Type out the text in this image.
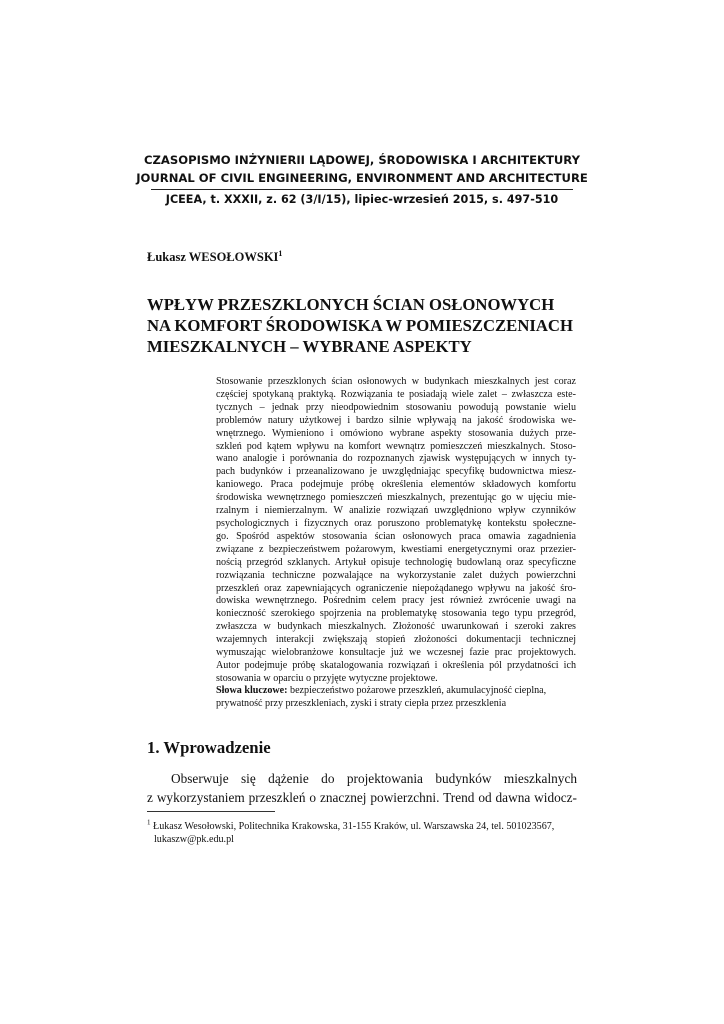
CZASOPISMO INŻYNIERII LĄDOWEJ, ŚRODOWISKA I ARCHITEKTURY
JOURNAL OF CIVIL ENGINEERING, ENVIRONMENT AND ARCHITECTURE
JCEEA, t. XXXII, z. 62 (3/I/15), lipiec-wrzesień 2015, s. 497-510
Łukasz WESOŁOWSKI$^1$
WPŁYW PRZESZKLONYCH ŚCIAN OSŁONOWYCH
NA KOMFORT ŚRODOWISKA W POMIESZCZENIACH
MIESZKALNYCH – WYBRANE ASPEKTY
Stosowanie przeszklonych ścian osłonowych w budynkach mieszkalnych jest coraz
częściej spotykaną praktyką. Rozwiązania te posiadają wiele zalet – zwłaszcza este-
tycznych – jednak przy nieodpowiednim stosowaniu powodują powstanie wielu
problemów natury użytkowej i bardzo silnie wpływają na jakość środowiska we-
wnętrznego. Wymieniono i omówiono wybrane aspekty stosowania dużych prze-
szkleń pod kątem wpływu na komfort wewnątrz pomieszczeń mieszkalnych. Stoso-
wano analogie i porównania do rozpoznanych zjawisk występujących w innych ty-
pach budynków i przeanalizowano je uwzględniając specyfikę budownictwa miesz-
kaniowego. Praca podejmuje próbę określenia elementów składowych komfortu
środowiska wewnętrznego pomieszczeń mieszkalnych, prezentując go w ujęciu mie-
rzalnym i niemierzalnym. W analizie rozwiązań uwzględniono wpływ czynników
psychologicznych i fizycznych oraz poruszono problematykę kontekstu społeczne-
go. Spośród aspektów stosowania ścian osłonowych praca omawia zagadnienia
związane z bezpieczeństwem pożarowym, kwestiami energetycznymi oraz przezier-
nością przegród szklanych. Artykuł opisuje technologię budowlaną oraz specyficzne
rozwiązania techniczne pozwalające na wykorzystanie zalet dużych powierzchni
przeszkleń oraz zapewniających ograniczenie niepożądanego wpływu na jakość śro-
dowiska wewnętrznego. Pośrednim celem pracy jest również zwrócenie uwagi na
konieczność szerokiego spojrzenia na problematykę stosowania tego typu przegród,
zwłaszcza w budynkach mieszkalnych. Złożoność uwarunkowań i szeroki zakres
wzajemnych interakcji zwiększają stopień złożoności dokumentacji technicznej
wymuszając wielobranżowe konsultacje już we wczesnej fazie prac projektowych.
Autor podejmuje próbę skatalogowania rozwiązań i określenia pól przydatności ich
stosowania w oparciu o przyjęte wytyczne projektowe.
Słowa kluczowe: bezpieczeństwo pożarowe przeszkleń, akumulacyjność cieplna,
prywatność przy przeszkleniach, zyski i straty ciepła przez przeszklenia
1. Wprowadzenie
Obserwuje się dążenie do projektowania budynków mieszkalnych
z wykorzystaniem przeszkleń o znacznej powierzchni. Trend od dawna widocz-
$^1$ Łukasz Wesołowski, Politechnika Krakowska, 31-155 Kraków, ul. Warszawska 24, tel. 501023567,
lukaszw@pk.edu.pl
